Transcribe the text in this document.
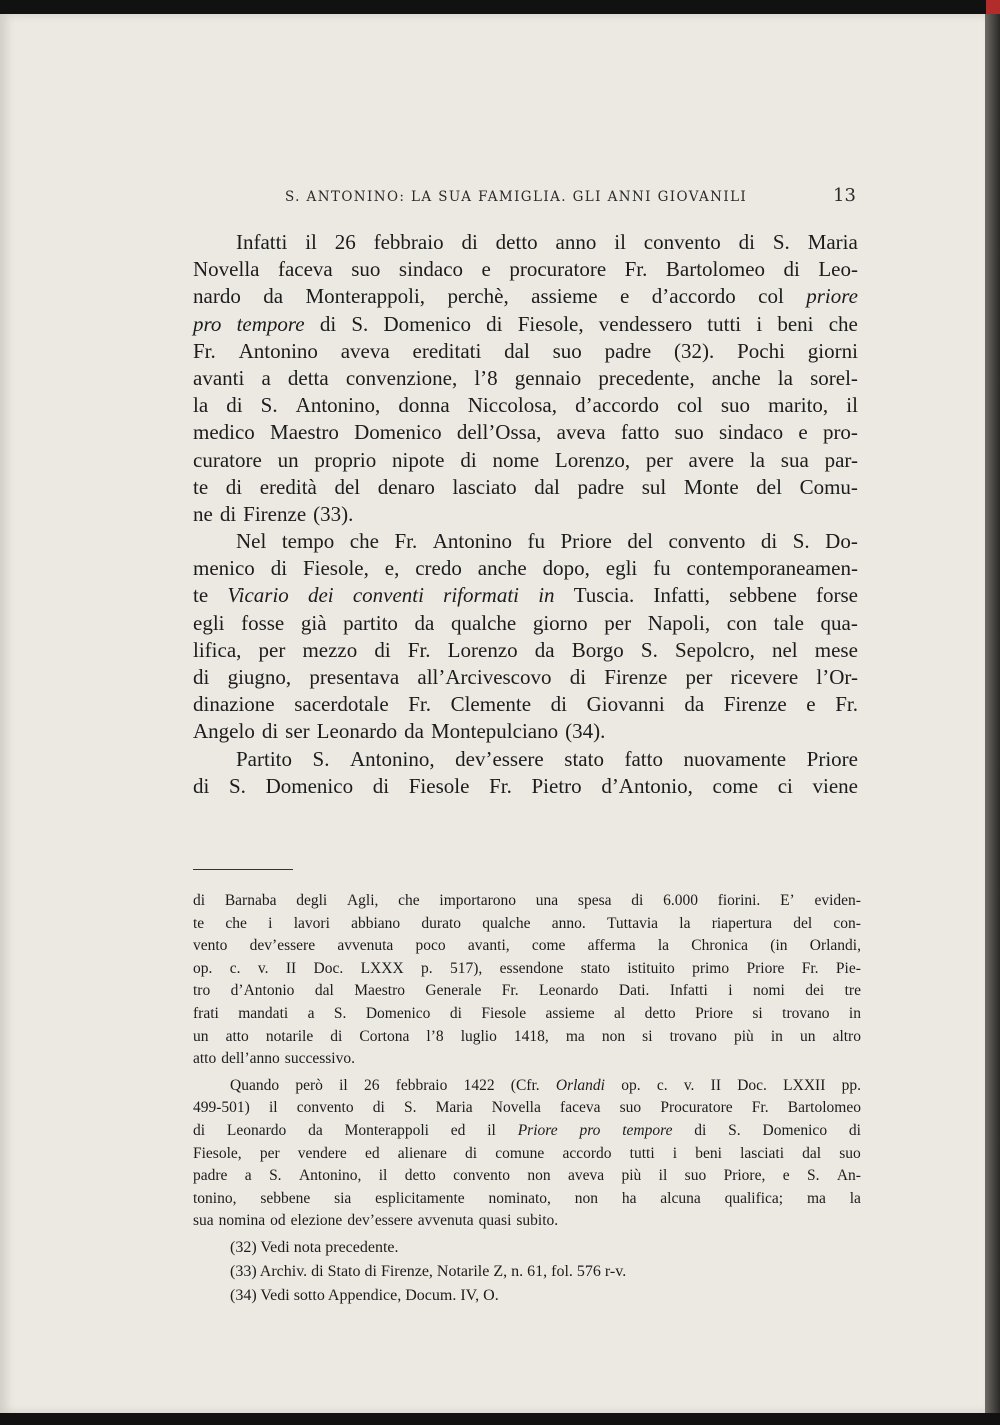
S. ANTONINO: LA SUA FAMIGLIA. GLI ANNI GIOVANILI	13
Infatti il 26 febbraio di detto anno il convento di S. Maria
Novella faceva suo sindaco e procuratore Fr. Bartolomeo di Leo-
nardo da Monterappoli, perchè, assieme e d’accordo col priore
pro tempore di S. Domenico di Fiesole, vendessero tutti i beni che
Fr. Antonino aveva ereditati dal suo padre (32). Pochi giorni
avanti a detta convenzione, l’8 gennaio precedente, anche la sorel-
la di S. Antonino, donna Niccolosa, d’accordo col suo marito, il
medico Maestro Domenico dell’Ossa, aveva fatto suo sindaco e pro-
curatore un proprio nipote di nome Lorenzo, per avere la sua par-
te di eredità del denaro lasciato dal padre sul Monte del Comu-
ne di Firenze (33).
Nel tempo che Fr. Antonino fu Priore del convento di S. Do-
menico di Fiesole, e, credo anche dopo, egli fu contemporaneamen-
te Vicario dei conventi riformati in Tuscia. Infatti, sebbene forse
egli fosse già partito da qualche giorno per Napoli, con tale qua-
lifica, per mezzo di Fr. Lorenzo da Borgo S. Sepolcro, nel mese
di giugno, presentava all’Arcivescovo di Firenze per ricevere l’Or-
dinazione sacerdotale Fr. Clemente di Giovanni da Firenze e Fr.
Angelo di ser Leonardo da Montepulciano (34).
Partito S. Antonino, dev’essere stato fatto nuovamente Priore
di S. Domenico di Fiesole Fr. Pietro d’Antonio, come ci viene
di Barnaba degli Agli, che importarono una spesa di 6.000 fiorini. E’ eviden-
te che i lavori abbiano durato qualche anno. Tuttavia la riapertura del con-
vento dev’essere avvenuta poco avanti, come afferma la Chronica (in Orlandi,
op. c. v. II Doc. LXXX p. 517), essendone stato istituito primo Priore Fr. Pie-
tro d’Antonio dal Maestro Generale Fr. Leonardo Dati. Infatti i nomi dei tre
frati mandati a S. Domenico di Fiesole assieme al detto Priore si trovano in
un atto notarile di Cortona l’8 luglio 1418, ma non si trovano più in un altro
atto dell’anno successivo.
Quando però il 26 febbraio 1422 (Cfr. Orlandi op. c. v. II Doc. LXXII pp.
499-501) il convento di S. Maria Novella faceva suo Procuratore Fr. Bartolomeo
di Leonardo da Monterappoli ed il Priore pro tempore di S. Domenico di
Fiesole, per vendere ed alienare di comune accordo tutti i beni lasciati dal suo
padre a S. Antonino, il detto convento non aveva più il suo Priore, e S. An-
tonino, sebbene sia esplicitamente nominato, non ha alcuna qualifica; ma la
sua nomina od elezione dev’essere avvenuta quasi subito.
(32) Vedi nota precedente.
(33) Archiv. di Stato di Firenze, Notarile Z, n. 61, fol. 576 r-v.
(34) Vedi sotto Appendice, Docum. IV, O.
